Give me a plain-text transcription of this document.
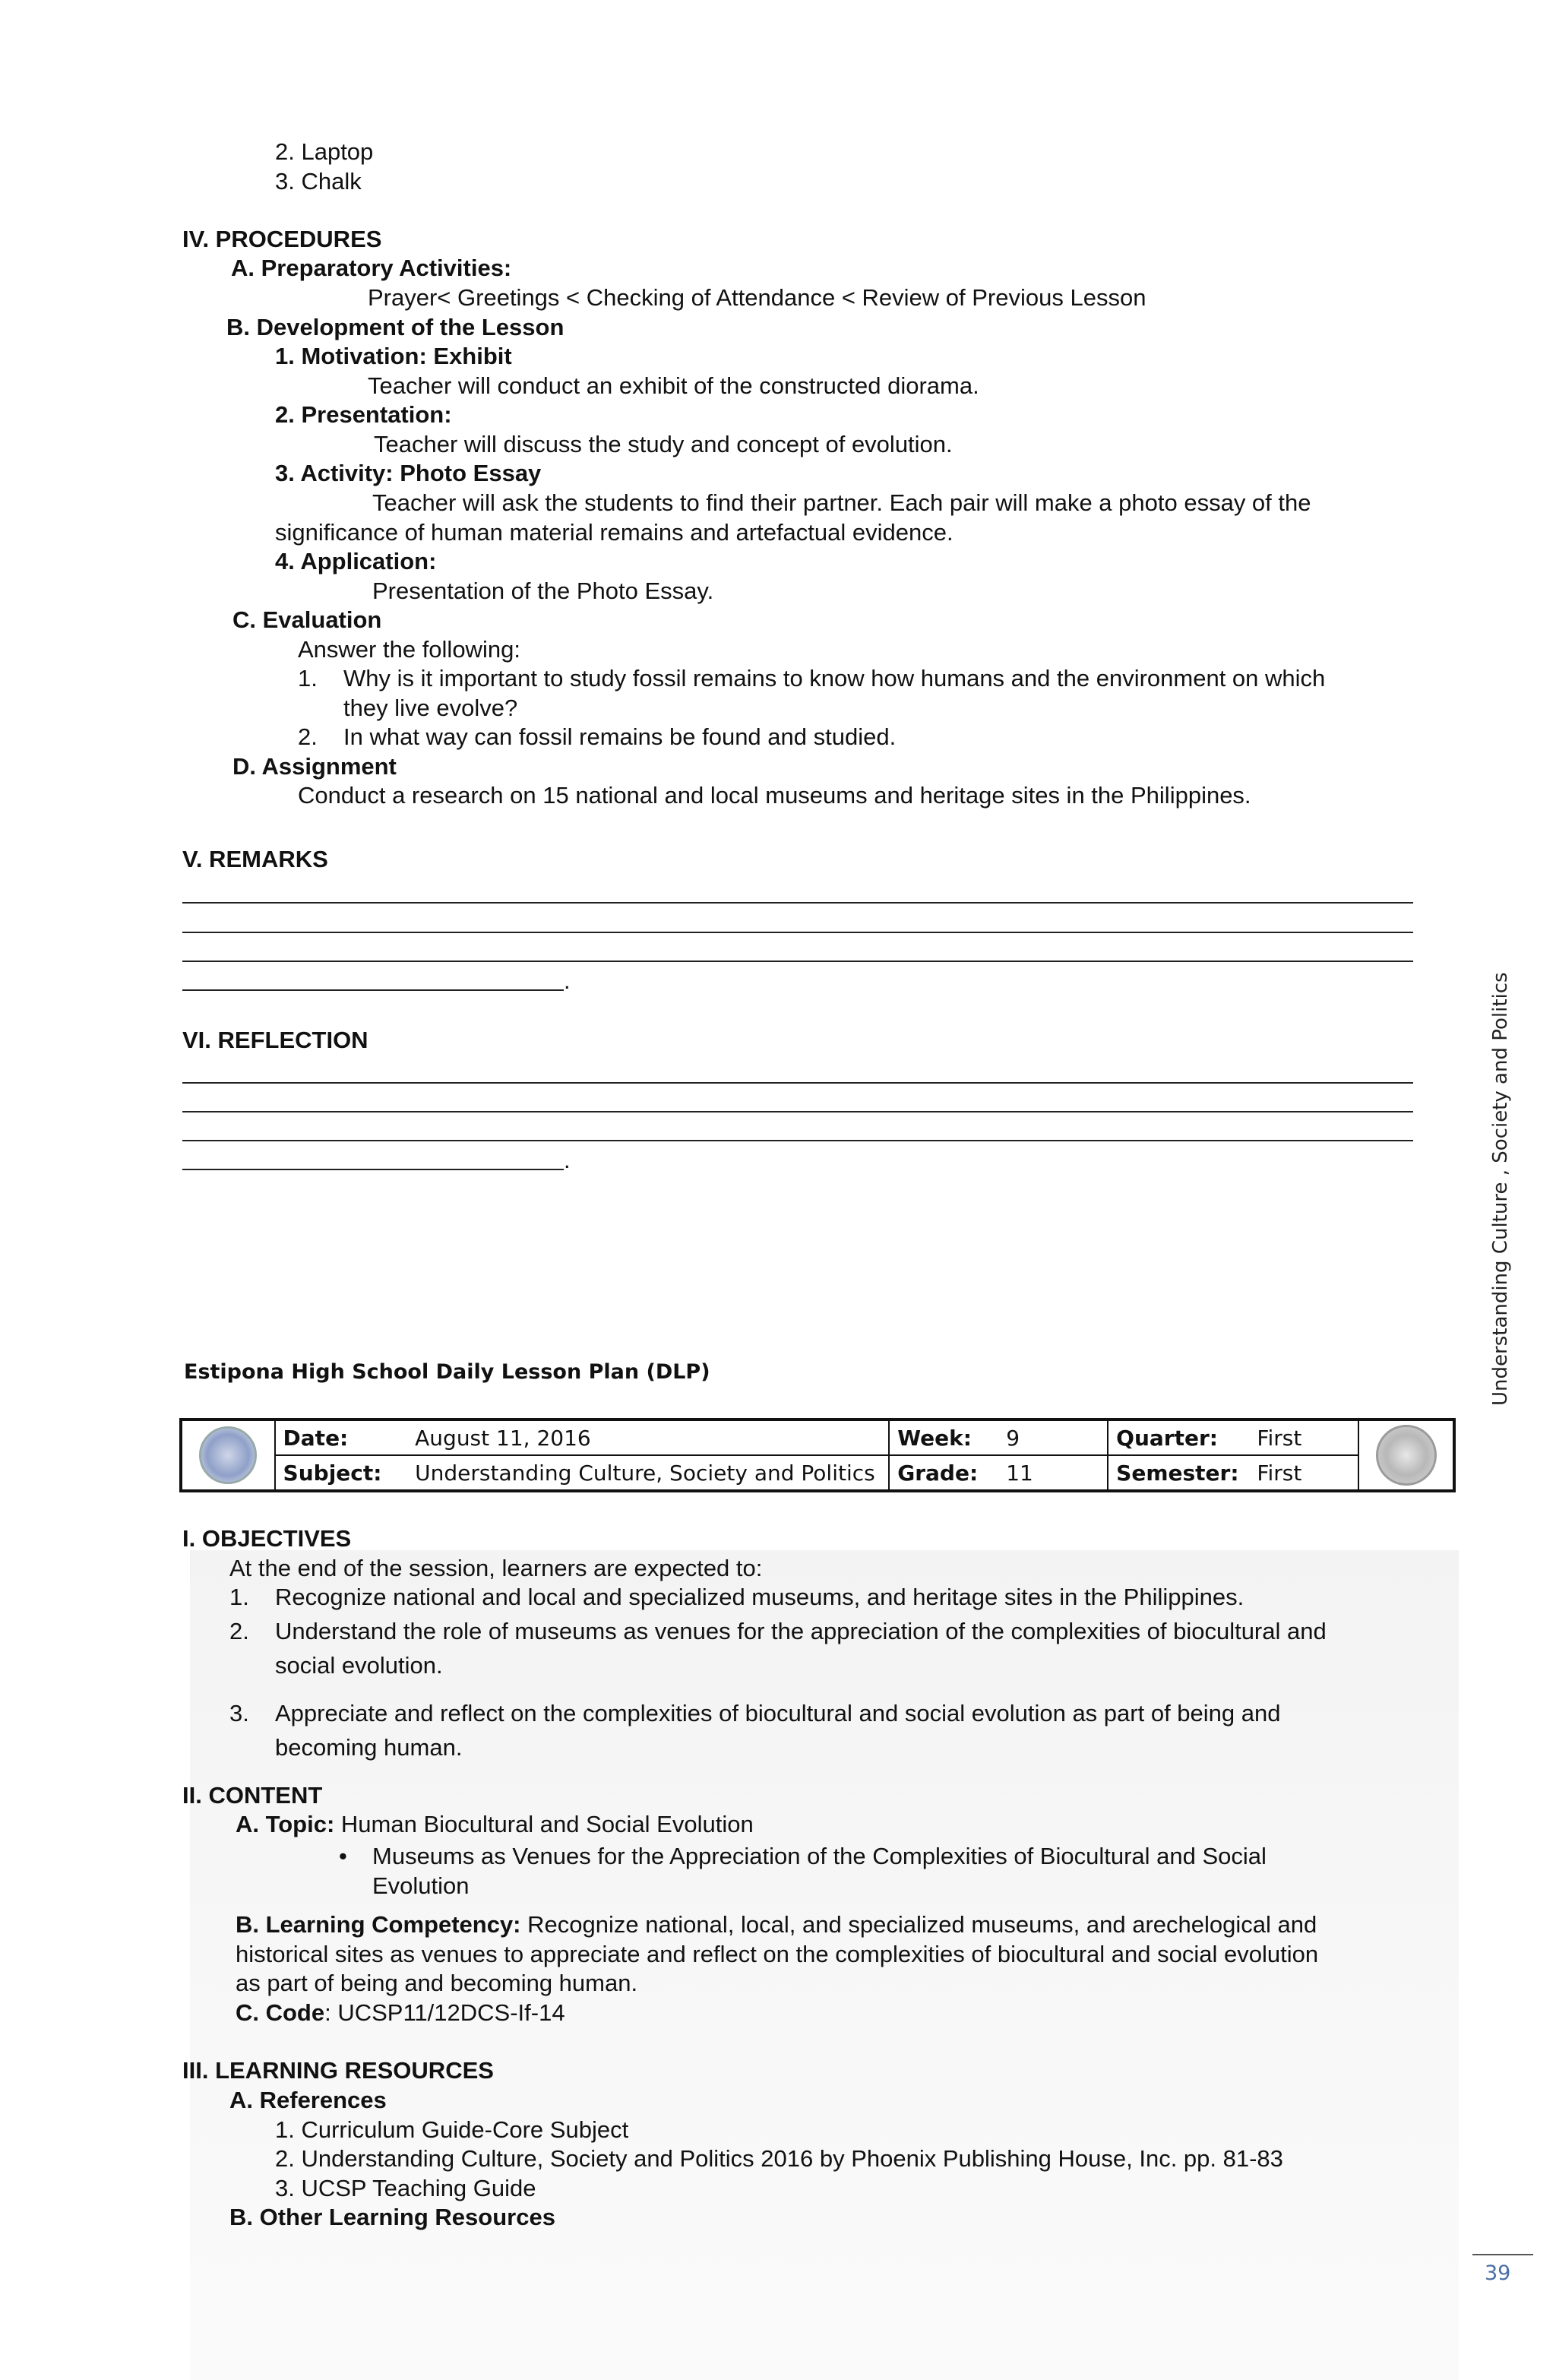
2. Laptop
3. Chalk
IV. PROCEDURES
A. Preparatory Activities:
Prayer< Greetings < Checking of Attendance < Review of Previous Lesson
B. Development of the Lesson
1. Motivation: Exhibit
Teacher will conduct an exhibit of the constructed diorama.
2. Presentation:
Teacher will discuss the study and concept of evolution.
3. Activity: Photo Essay
Teacher will ask the students to find their partner. Each pair will make a photo essay of the
significance of human material remains and artefactual evidence.
4. Application:
Presentation of the Photo Essay.
C. Evaluation
Answer the following:
1. Why is it important to study fossil remains to know how humans and the environment on which
they live evolve?
2. In what way can fossil remains be found and studied.
D. Assignment
Conduct a research on 15 national and local museums and heritage sites in the Philippines.
V. REMARKS
.
VI. REFLECTION
.	Understanding Culture , Society and Politics
Estipona High School Daily Lesson Plan (DLP)
	Date:	August 11, 2016	Week:	9	Quarter:	First	

	Subject:	Understanding Culture, Society and Politics	Grade:	11	Semester:	First	
I. OBJECTIVES
At the end of the session, learners are expected to:
1. Recognize national and local and specialized museums, and heritage sites in the Philippines.
2. Understand the role of museums as venues for the appreciation of the complexities of biocultural and
social evolution.
3. Appreciate and reflect on the complexities of biocultural and social evolution as part of being and
becoming human.
II. CONTENT
A. Topic: Human Biocultural and Social Evolution
• Museums as Venues for the Appreciation of the Complexities of Biocultural and Social
Evolution
B. Learning Competency: Recognize national, local, and specialized museums, and arechelogical and
historical sites as venues to appreciate and reflect on the complexities of biocultural and social evolution
as part of being and becoming human.
C. Code: UCSP11/12DCS-If-14
III. LEARNING RESOURCES
A. References
1. Curriculum Guide-Core Subject
2. Understanding Culture, Society and Politics 2016 by Phoenix Publishing House, Inc. pp. 81-83
3. UCSP Teaching Guide
B. Other Learning Resources
39
